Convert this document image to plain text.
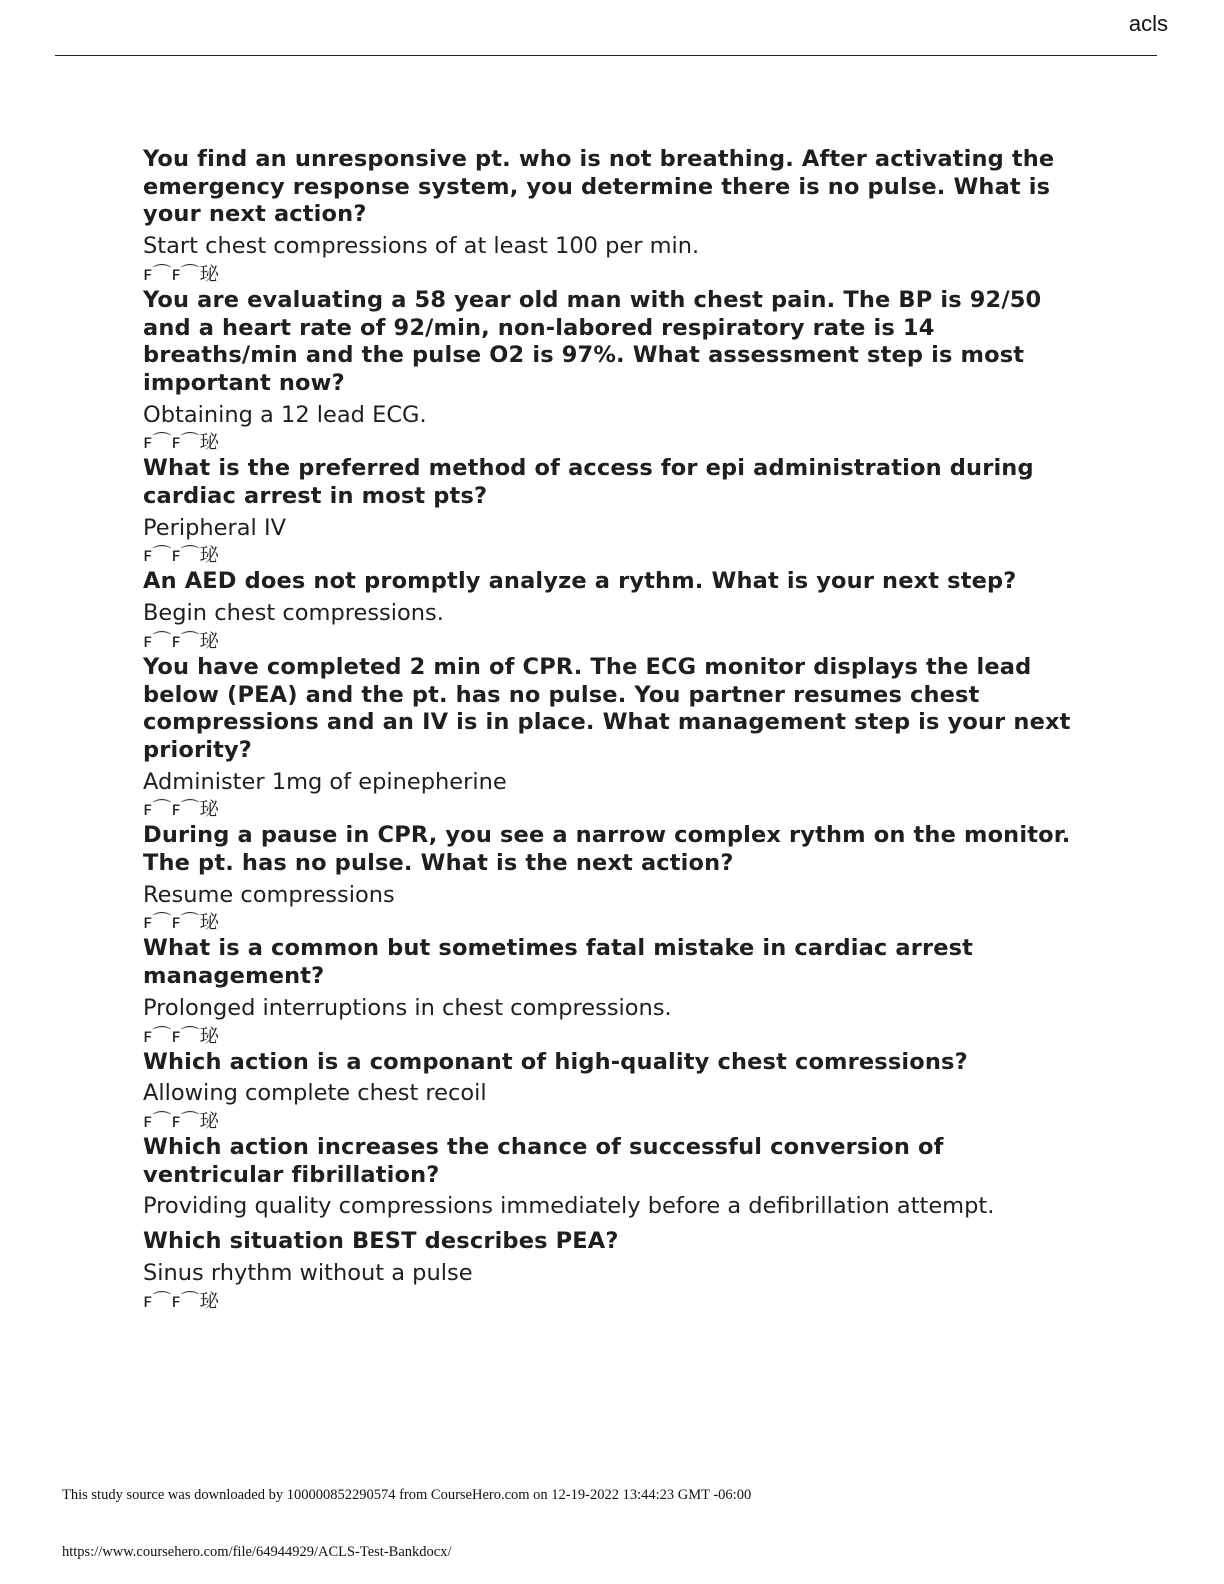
acls
You find an unresponsive pt. who is not breathing. After activating the emergency response system, you determine there is no pulse. What is your next action?
Start chest compressions of at least 100 per min.
ꜰ⌒ꜰ⌒珌
You are evaluating a 58 year old man with chest pain. The BP is 92/50 and a heart rate of 92/min, non-labored respiratory rate is 14 breaths/min and the pulse O2 is 97%. What assessment step is most important now?
Obtaining a 12 lead ECG.
ꜰ⌒ꜰ⌒珌
What is the preferred method of access for epi administration during cardiac arrest in most pts?
Peripheral IV
ꜰ⌒ꜰ⌒珌
An AED does not promptly analyze a rythm. What is your next step?
Begin chest compressions.
ꜰ⌒ꜰ⌒珌
You have completed 2 min of CPR. The ECG monitor displays the lead below (PEA) and the pt. has no pulse. You partner resumes chest compressions and an IV is in place. What management step is your next priority?
Administer 1mg of epinepherine
ꜰ⌒ꜰ⌒珌
During a pause in CPR, you see a narrow complex rythm on the monitor. The pt. has no pulse. What is the next action?
Resume compressions
ꜰ⌒ꜰ⌒珌
What is a common but sometimes fatal mistake in cardiac arrest management?
Prolonged interruptions in chest compressions.
ꜰ⌒ꜰ⌒珌
Which action is a componant of high-quality chest comressions?
Allowing complete chest recoil
ꜰ⌒ꜰ⌒珌
Which action increases the chance of successful conversion of ventricular fibrillation?
Providing quality compressions immediately before a defibrillation attempt.
Which situation BEST describes PEA?
Sinus rhythm without a pulse
ꜰ⌒ꜰ⌒珌
This study source was downloaded by 100000852290574 from CourseHero.com on 12-19-2022 13:44:23 GMT -06:00
https://www.coursehero.com/file/64944929/ACLS-Test-Bankdocx/
